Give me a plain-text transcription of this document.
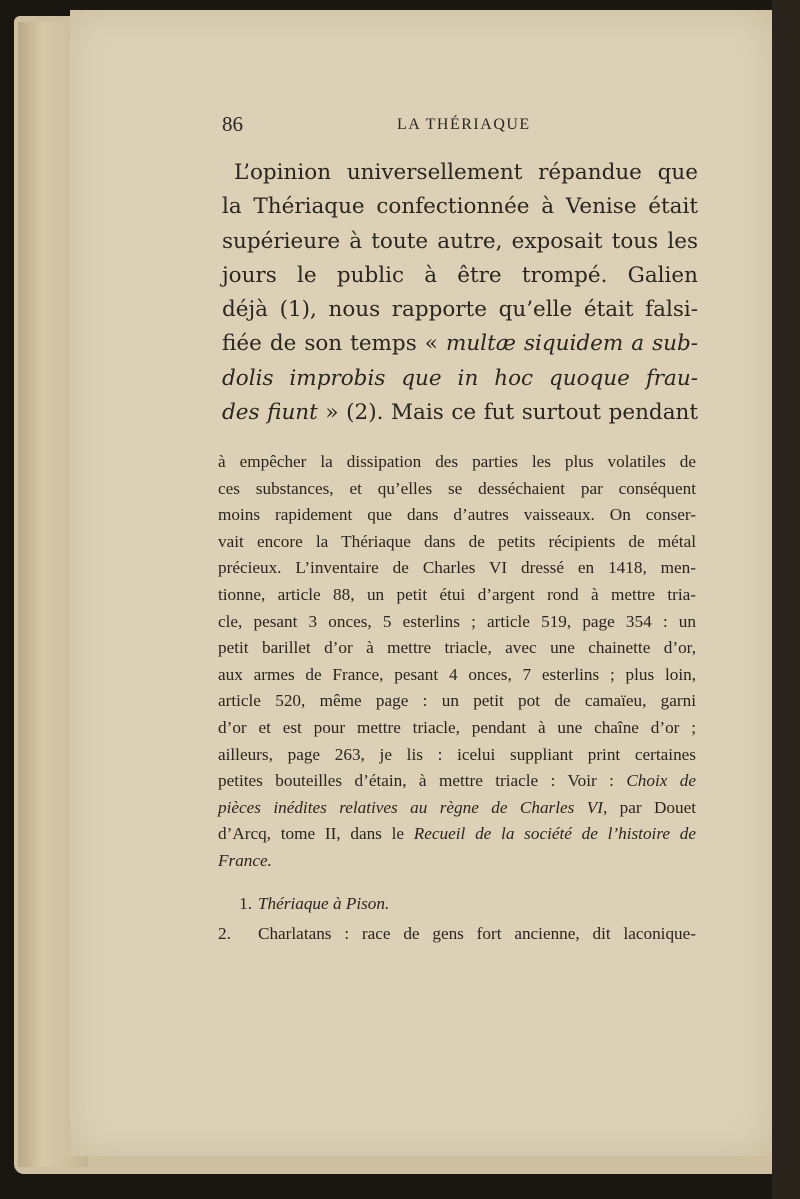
86	LA THÉRIAQUE
L’opinion universellement répandue que
la Thériaque confectionnée à Venise était
supérieure à toute autre, exposait tous les
jours le public à être trompé. Galien
déjà (1), nous rapporte qu’elle était falsi-
fiée de son temps « multæ siquidem a sub-
dolis improbis que in hoc quoque frau-
des fiunt » (2). Mais ce fut surtout pendant
à empêcher la dissipation des parties les plus volatiles de
ces substances, et qu’elles se desséchaient par conséquent
moins rapidement que dans d’autres vaisseaux. On conser-
vait encore la Thériaque dans de petits récipients de métal
précieux. L’inventaire de Charles VI dressé en 1418, men-
tionne, article 88, un petit étui d’argent rond à mettre tria-
cle, pesant 3 onces, 5 esterlins ; article 519, page 354 : un
petit barillet d’or à mettre triacle, avec une chainette d’or,
aux armes de France, pesant 4 onces, 7 esterlins ; plus loin,
article 520, même page : un petit pot de camaïeu, garni
d’or et est pour mettre triacle, pendant à une chaîne d’or ;
ailleurs, page 263, je lis : icelui suppliant print certaines
petites bouteilles d’étain, à mettre triacle : Voir : Choix de
pièces inédites relatives au règne de Charles VI, par Douet
d’Arcq, tome II, dans le Recueil de la société de l’histoire de
France.
1. Thériaque à Pison.
2. Charlatans : race de gens fort ancienne, dit laconique-
